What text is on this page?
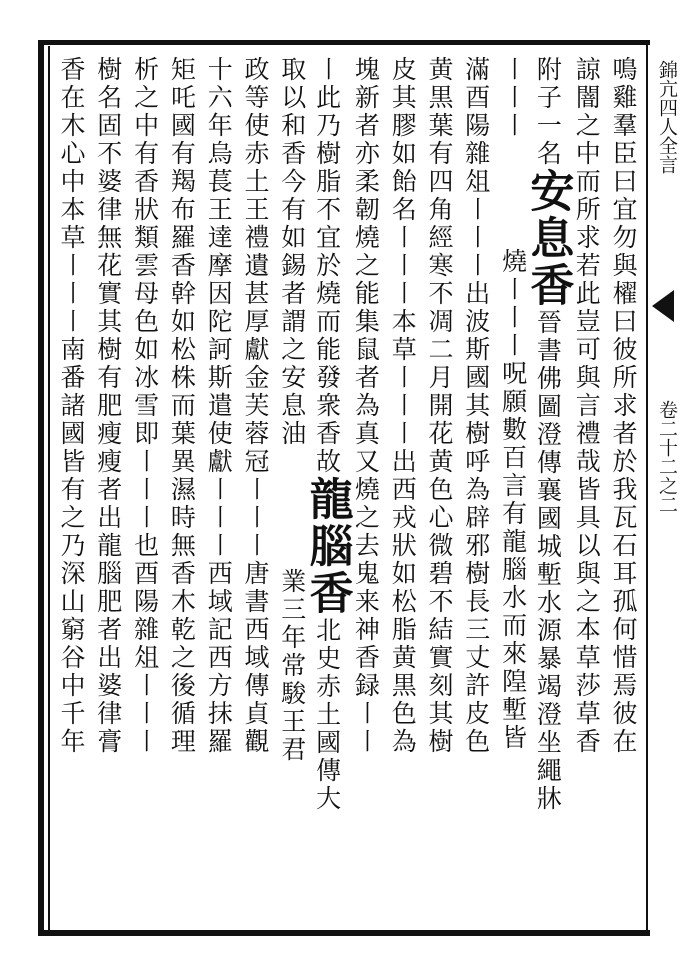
錦亢四人全言
卷二十二之二
鳴雞羣臣曰宜勿與櫂曰彼所求者於我瓦石耳孤何惜焉彼在
諒闇之中而所求若此豈可與言禮哉皆具以與之本草莎草香
附子一名安息香晉書佛圖澄傳襄國城塹水源暴竭澄坐繩牀
〡〡〡燒〡〡〡呪願數百言有龍腦水而來隍塹皆
滿酉陽雜俎〡〡〡出波斯國其樹呼為辟邪樹長三丈許皮色
黄黒葉有四角經寒不凋二月開花黄色心微碧不結實刻其樹
皮其膠如飴名〡〡〡本草〡〡〡出西戎狀如松脂黄黒色為
塊新者亦柔韌燒之能集鼠者為真又燒之去鬼来神香録〡〡
〡此乃樹脂不宜於燒而能發衆香故龍腦香北史赤土國傳大
取以和香今有如錫者謂之安息油業三年常駿王君
政等使赤土王禮遺甚厚獻金芙蓉冠〡〡〡唐書西域傳貞觀
十六年烏萇王達摩因陀訶斯遣使獻〡〡〡西域記西方抹羅
矩吒國有羯布羅香幹如松株而葉異濕時無香木乾之後循理
析之中有香狀類雲母色如冰雪即〡〡〡也酉陽雜俎〡〡〡
樹名固不婆律無花實其樹有肥瘦瘦者出龍腦肥者出婆律膏
香在木心中本草〡〡〡南番諸國皆有之乃深山窮谷中千年
